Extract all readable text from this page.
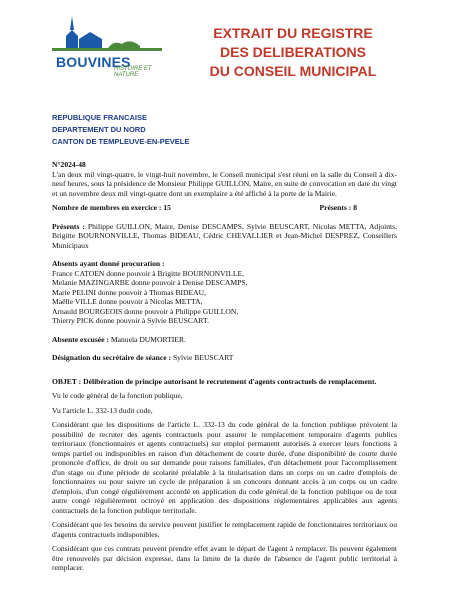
BOUVINES
HISTOIRE ET NATURE
EXTRAIT DU REGISTRE
DES DELIBERATIONS
DU CONSEIL MUNICIPAL
REPUBLIQUE FRANCAISE
DEPARTEMENT DU NORD
CANTON DE TEMPLEUVE-EN-PEVELE

N°2024-48

L'an deux mil vingt-quatre, le vingt-huit novembre, le Conseil municipal s'est réuni en la salle du Conseil à dix-neuf heures, sous la présidence de Monsieur Philippe GUILLON, Maire, en suite de convocation en date du vingt et un novembre deux mil vingt-quatre dont un exemplaire a été affiché à la porte de la Mairie.

Nombre de membres en exercice : 15	Présents : 8

Présents : Philippe GUILLON, Maire, Denise DESCAMPS, Sylvie BEUSCART, Nicolas METTA, Adjoints, Brigitte BOURNONVILLE, Thomas BIDEAU, Cédric CHEVALLIER et Jean-Michel DESPREZ, Conseillers Municipaux

Absents ayant donné procuration :

France CATOEN donne pouvoir à Brigitte BOURNONVILLE,

Melanie MAZINGARBE donne pouvoir à Denise DESCAMPS,

Marie PELINI donne pouvoir à Thomas BIDEAU,

Maëlle VILLE donne pouvoir à Nicolas METTA,

Arnauld BOURGEOIS donne pouvoir à Philippe GUILLON,

Thierry PICK donne pouvoir à Sylvie BEUSCART.

Absente excusée : Manuela DUMORTIER.

Désignation du secrétaire de séance : Sylvie BEUSCART

OBJET : Délibération de principe autorisant le recrutement d'agents contractuels de remplacement.

Vu le code général de la fonction publique,

Vu l'article L. 332-13 dudit code,

Considérant que les dispositions de l'article L. 332-13 du code général de la fonction publique prévoient la possibilité de recruter des agents contractuels pour assurer le remplacement temporaire d'agents publics territoriaux (fonctionnaires et agents contractuels) sur emploi permanent autorisés à exercer leurs fonctions à temps partiel ou indisponibles en raison d'un détachement de courte durée, d'une disponibilité de courte durée prononcée d'office, de droit ou sur demande pour raisons familiales, d'un détachement pour l'accomplissement d'un stage ou d'une période de scolarité préalable à la titularisation dans un corps ou un cadre d'emplois de fonctionnaires ou pour suivre un cycle de préparation à un concours donnant accès à un corps ou un cadre d'emplois, d'un congé régulièrement accordé en application du code général de la fonction publique ou de tout autre congé régulièrement octroyé en application des dispositions réglementaires applicables aux agents contractuels de la fonction publique territoriale.

Considérant que les besoins du service peuvent justifier le remplacement rapide de fonctionnaires territoriaux ou d'agents contractuels indisponibles.

Considérant que ces contrats peuvent prendre effet avant le départ de l'agent à remplacer. Ils peuvent également être renouvelés par décision expresse, dans la limite de la durée de l'absence de l'agent public territorial à remplacer.
